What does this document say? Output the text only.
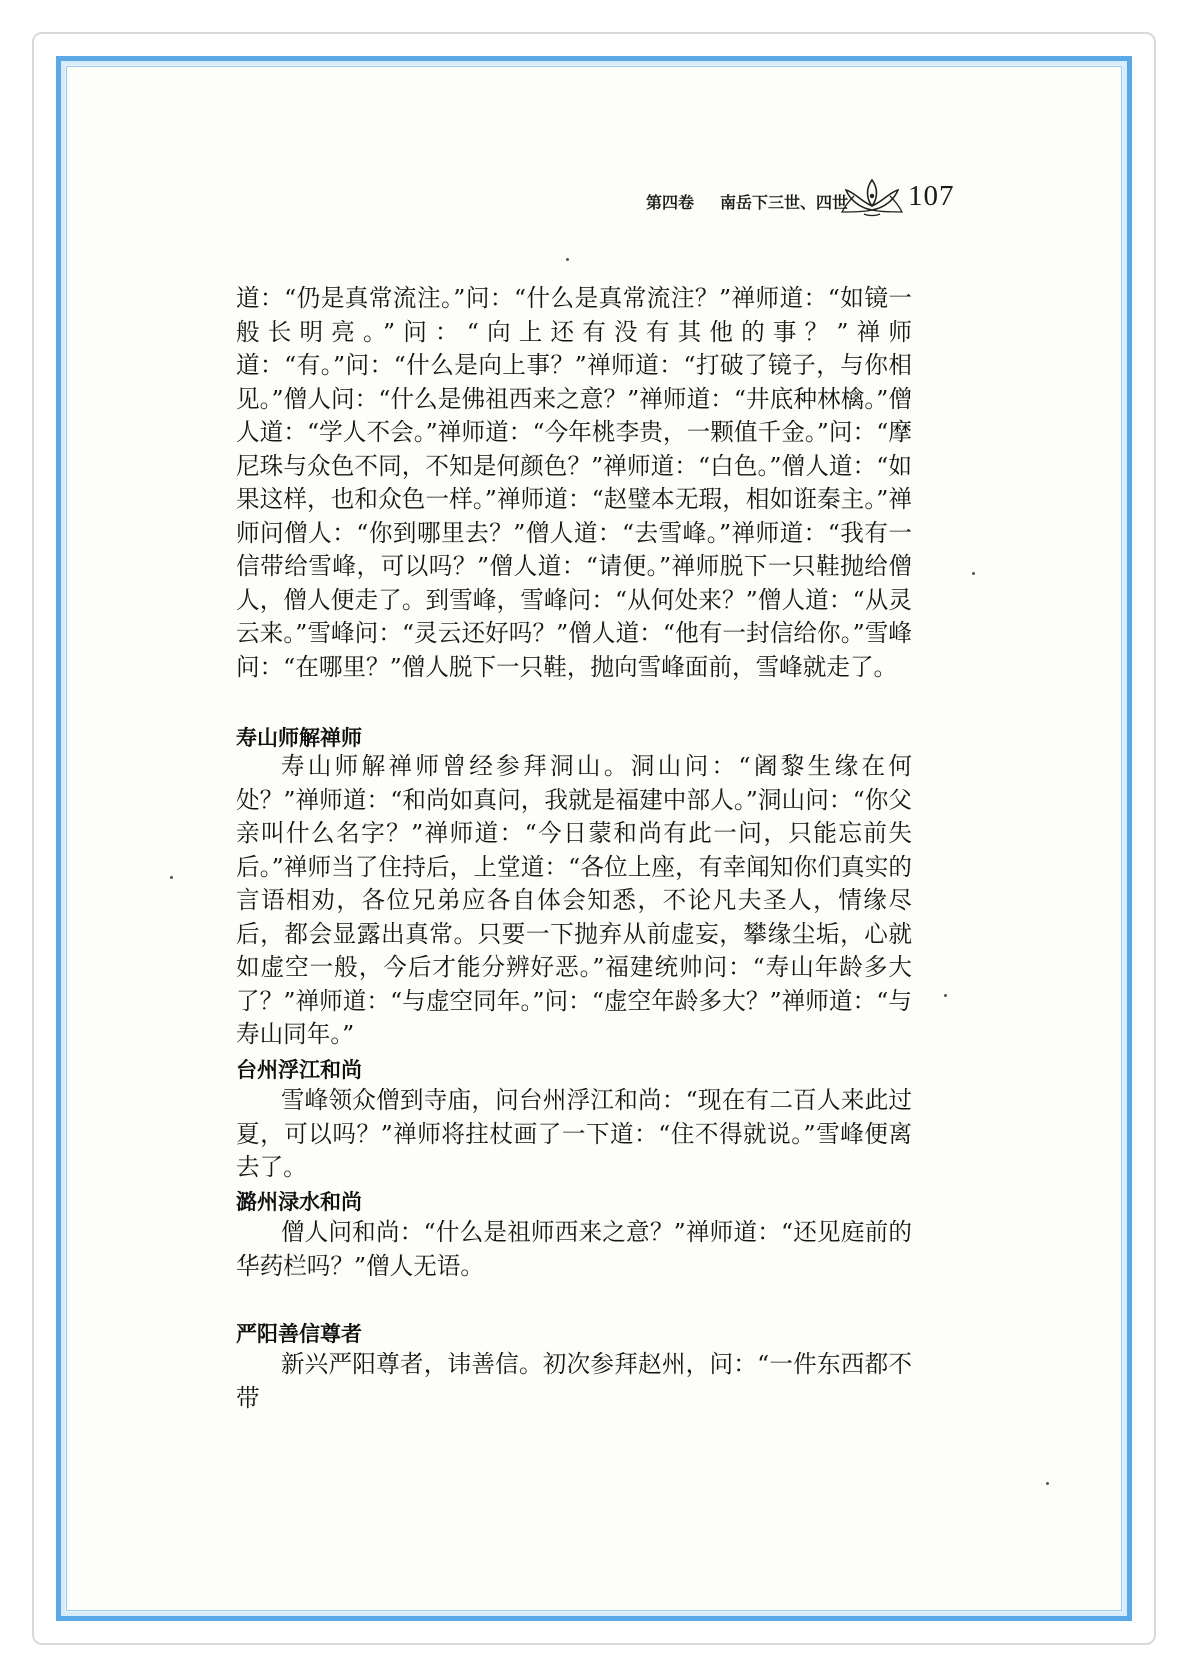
第四卷 南岳下三世、四世 107

道：“仍是真常流注。”问：“什么是真常流注？”禅师道：“如镜一般长明亮。”问：“向上还有没有其他的事？”禅师道：“有。”问：“什么是向上事？”禅师道：“打破了镜子，与你相见。”僧人问：“什么是佛祖西来之意？”禅师道：“井底种林檎。”僧人道：“学人不会。”禅师道：“今年桃李贵，一颗值千金。”问：“摩尼珠与众色不同，不知是何颜色？”禅师道：“白色。”僧人道：“如果这样，也和众色一样。”禅师道：“赵璧本无瑕，相如诳秦主。”禅师问僧人：“你到哪里去？”僧人道：“去雪峰。”禅师道：“我有一信带给雪峰，可以吗？”僧人道：“请便。”禅师脱下一只鞋抛给僧人，僧人便走了。到雪峰，雪峰问：“从何处来？”僧人道：“从灵云来。”雪峰问：“灵云还好吗？”僧人道：“他有一封信给你。”雪峰问：“在哪里？”僧人脱下一只鞋，抛向雪峰面前，雪峰就走了。

寿山师解禅师

寿山师解禅师曾经参拜洞山。洞山问：“阇黎生缘在何处？”禅师道：“和尚如真问，我就是福建中部人。”洞山问：“你父亲叫什么名字？”禅师道：“今日蒙和尚有此一问，只能忘前失后。”禅师当了住持后，上堂道：“各位上座，有幸闻知你们真实的言语相劝，各位兄弟应各自体会知悉，不论凡夫圣人，情缘尽后，都会显露出真常。只要一下抛弃从前虚妄，攀缘尘垢，心就如虚空一般，今后才能分辨好恶。”福建统帅问：“寿山年龄多大了？”禅师道：“与虚空同年。”问：“虚空年龄多大？”禅师道：“与寿山同年。”

台州浮江和尚

雪峰领众僧到寺庙，问台州浮江和尚：“现在有二百人来此过夏，可以吗？”禅师将拄杖画了一下道：“住不得就说。”雪峰便离去了。

潞州渌水和尚

僧人问和尚：“什么是祖师西来之意？”禅师道：“还见庭前的华药栏吗？”僧人无语。

严阳善信尊者

新兴严阳尊者，讳善信。初次参拜赵州，问：“一件东西都不带
